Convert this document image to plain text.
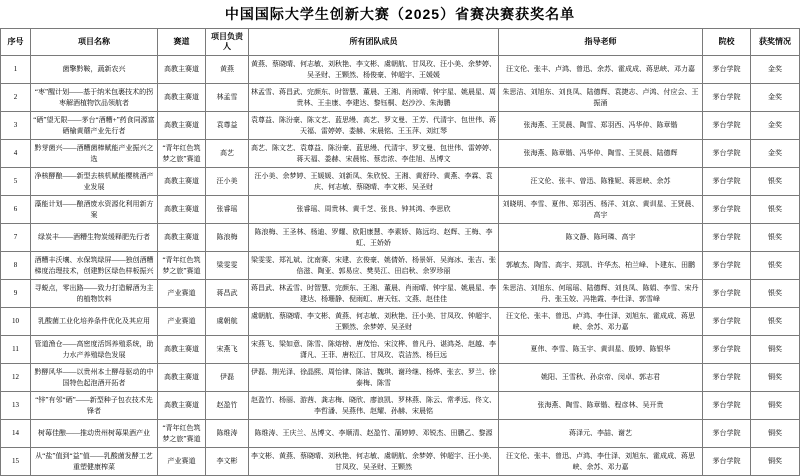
中国国际大学生创新大赛（2025）省赛决赛获奖名单
序号	项目名称	赛道	项目负责人	所有团队成员	指导老师	院校	获奖情况
1	菌擎黔鞍，蔬新农兴	高教主赛道	黄燕	黄燕、蔡晓晴、何志敏、刘秋艳、李文彬、虞朝航、甘凤玫、汪小美、余梦婷、吴圣财、王颗然、杨俊豪、钟超宇、王媛媛	汪文伦、张丰、卢鸿、曾迅、余苏、霍成成、蒋思峡、邓力嘉	茅台学院	金奖
2	“枣”醒计划——基于纳米包裹技术的拐枣解酒植物饮品领航者	高教主赛道	林孟雪	林孟雪、蒋昌武、完颜东、时智慧、董晨、王湘、肖雨晴、钟宇星、姚晨星、周贵林、王圭康、李建达、黎钰桐、赵沙沙、朱海鹏	朱思洁、刘旭东、刘良凤、陆德辉、袁捷志、卢鸿、付应会、王振涌	茅台学院	金奖
3	“硒”望无限——茅台“酒糟+”药食同源富硒榆黄蘑产业先行者	高教主赛道	袁尊益	袁尊益、陈汾豪、陈文艺、蓝思缦、高艺、罗文曼、王芳、代清宇、包世伟、蒋天福、雷婷婷、娄赫、宋晨铭、王玉萍、刘红琴	张海燕、王炅晨、陶雪、郑羽西、冯华仲、陈章锴	茅台学院	金奖
4	黔芽菌兴——酒糟菌棒赋能产业振兴之选	“青年红色筑梦之旅”赛道	高艺	高艺、陈文艺、袁尊益、陈汾豪、蓝思缦、代清宇、罗文曼、包世伟、雷婷婷、蒋天福、娄赫、宋晨铭、蔡忠浓、李佳旭、丛博文	张海燕、陈章锴、冯华仲、陶雪、王炅晨、陆德辉	茅台学院	金奖
5	净核酵酿——新型去核机赋能樱桃酒产业发展	高教主赛道	汪小美	汪小美、余梦婷、王媛媛、刘新凤、朱欣悦、王湘、黄舒玲、黄燕、李霖、袁庆、何志敏、蔡晓晴、李文彬、吴圣财	汪文伦、张丰、曾迅、陈雅妮、蒋思峡、余苏	茅台学院	银奖
6	藻能计划——酿酒废水资源化利用新方案	高教主赛道	张睿瑶	张睿瑶、周贵林、黄千芝、张良、钟其鸿、李思欣	刘晓明、李雪、夏伟、郑羽西、杨洋、刘京、黄训星、王贤晨、高宇	茅台学院	银奖
7	绿炭丰——酒糟生物炭缓释肥先行者	高教主赛道	陈浪梅	陈浪梅、王圣林、杨迪、罗耀、欧阳康慧、李素娇、陈远均、赵辉、王梅、李虹、王娇娇	陈文静、陈珂璘、高宇	茅台学院	银奖
8	酒糟丰沃壤、水保筑绿屏——独创酒糟梯度治理技术，创建黔区绿色样板振兴	“青年红色筑梦之旅”赛道	梁雯雯	梁雯雯、郑礼斌、沈南赛、宋建、玄俊豪、姚倩娇、杨景妍、吴海冰、张吉、张倍滋、陶亚、郭易应、樊昊江、田启秋、余罗珍丽	郭敏杰、陶雪、高宇、郑凯、许华杰、柏兰峰、卜建东、田鹏	茅台学院	银奖
9	寻蜕点，零出路——致力打造解酒为主的植物饮料	产业赛道	蒋昌武	蒋昌武、林孟雪、时智慧、完颜东、王湘、董晨、肖雨晴、钟宇星、姚晨星、李建达、杨珊静、倪雨虹、唐天钰、文燕、赵佳佳	朱思洁、刘旭东、何瑶瑶、陆德辉、刘良凤、陈娟、李雪、宋丹丹、张玉姣、冯艳霞、李仕泽、郭雪峰	茅台学院	银奖
10	乳酸菌工业化培养条件优化及其应用	产业赛道	虞朝航	虞朝航、蔡晓晴、李文彬、黄燕、何志敏、刘秋艳、汪小美、甘凤玫、钟超宇、王颗然、余梦婷、吴圣财	汪文伦、张丰、曾迅、卢鸿、李仕泽、刘旭东、霍成成、蒋思峡、余苏、邓力嘉	茅台学院	银奖
11	管道渔仓——高密度活饵养殖系统，助力水产养殖绿色发展	高教主赛道	宋燕飞	宋燕飞、梁如意、陈雪、陈熔榜、唐茂怡、宋汶桦、曾凡丹、谌鸿尧、赵越、李潇凡、王菲、唐松江、甘凤玫、袁洁然、杨巨远	夏伟、李雪、陈玉宇、黄训星、殷婷、陈银华	茅台学院	铜奖
12	黔酵风华——以贵州本土酵母驱动的中国特色起泡酒开拓者	高教主赛道	伊磊	伊磊、荆光泽、徐晶熙、周怡律、陈洁、魏琪、谢玲继、杨烨、张玄、罗兰、徐泰梅、陈雪	姚阳、王雪秋、孙京帝、闵卓、郭志君	茅台学院	铜奖
13	“锌”有邻“硒”——新型种子包衣技术先锋者	高教主赛道	赵盈竹	赵盈竹、杨丽、游茜、龚志梅、晓欣、廖浪凯、罗林燕、陈云、常孝远、佟文、李哲潘、吴燕伟、赵耀、孙赫、宋晨铭	张海燕、陶雪、陈章锴、程彦林、吴开贵	茅台学院	铜奖
14	树莓佳酿——推动贵州树莓果酒产业	“青年红色筑梦之旅”赛道	陈维涛	陈维涛、王庆兰、丛博文、李顺清、赵盈竹、蒲婷婷、邓锐杰、田鹏乙、黎源	蒋泽元、李喆、谢艺	茅台学院	铜奖
15	从“盐”值到“益”值——乳酸菌发酵工艺重塑健康榨菜	产业赛道	李文彬	李文彬、黄燕、蔡晓晴、刘秋艳、何志敏、虞朝航、余梦婷、钟超宇、汪小美、甘凤玫、吴圣财、王颗然	汪文伦、张丰、曾迅、卢鸿、李仕泽、刘旭东、霍成成、蒋思峡、余苏、邓力嘉	茅台学院	铜奖
